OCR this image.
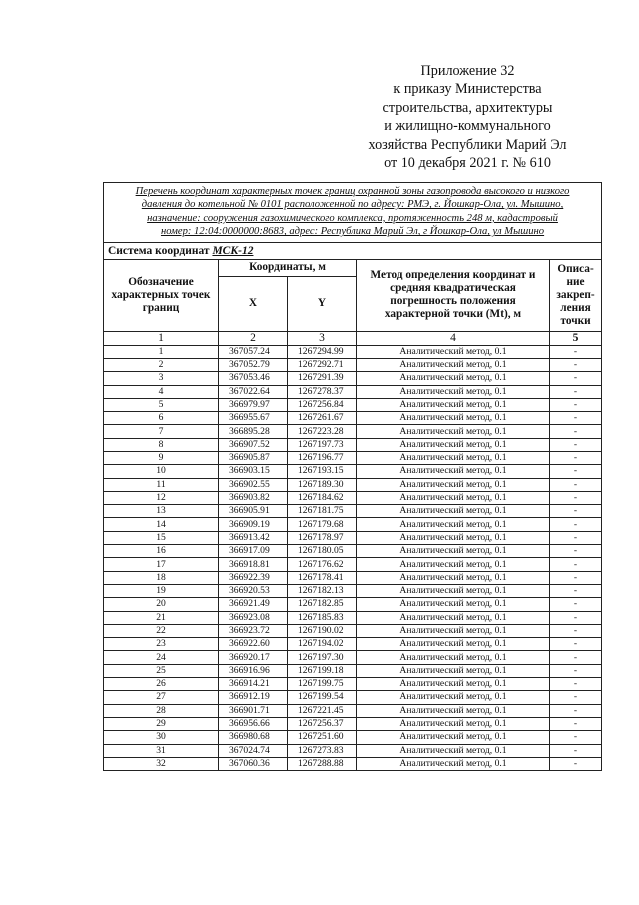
Приложение 32
к приказу Министерства
строительства, архитектуры
и жилищно-коммунального
хозяйства Республики Марий Эл
от 10 декабря 2021 г. № 610
Перечень координат характерных точек границ охранной зоны газопровода высокого и низкого
давления до котельной № 0101 расположенной по адресу: РМЭ, г. Йошкар-Ола, ул. Мышино,
назначение: сооружения газохимического комплекса, протяженность 248 м, кадастровый
номер: 12:04:0000000:8683, адрес: Республика Марий Эл, г Йошкар-Ола, ул Мышино				

Система координат МСК-12				
Обозначение характерных точек границ	Координаты, м		Метод определения координат и средняя квадратическая погрешность положения характерной точки (Mt), м	Описа-ние закреп-ления точки
	X	Y		
1	2	3	4	5
1	367057.24	1267294.99	Аналитический метод, 0.1	-
2	367052.79	1267292.71	Аналитический метод, 0.1	-
3	367053.46	1267291.39	Аналитический метод, 0.1	-
4	367022.64	1267278.37	Аналитический метод, 0.1	-
5	366979.97	1267256.84	Аналитический метод, 0.1	-
6	366955.67	1267261.67	Аналитический метод, 0.1	-
7	366895.28	1267223.28	Аналитический метод, 0.1	-
8	366907.52	1267197.73	Аналитический метод, 0.1	-
9	366905.87	1267196.77	Аналитический метод, 0.1	-
10	366903.15	1267193.15	Аналитический метод, 0.1	-
11	366902.55	1267189.30	Аналитический метод, 0.1	-
12	366903.82	1267184.62	Аналитический метод, 0.1	-
13	366905.91	1267181.75	Аналитический метод, 0.1	-
14	366909.19	1267179.68	Аналитический метод, 0.1	-
15	366913.42	1267178.97	Аналитический метод, 0.1	-
16	366917.09	1267180.05	Аналитический метод, 0.1	-
17	366918.81	1267176.62	Аналитический метод, 0.1	-
18	366922.39	1267178.41	Аналитический метод, 0.1	-
19	366920.53	1267182.13	Аналитический метод, 0.1	-
20	366921.49	1267182.85	Аналитический метод, 0.1	-
21	366923.08	1267185.83	Аналитический метод, 0.1	-
22	366923.72	1267190.02	Аналитический метод, 0.1	-
23	366922.60	1267194.02	Аналитический метод, 0.1	-
24	366920.17	1267197.30	Аналитический метод, 0.1	-
25	366916.96	1267199.18	Аналитический метод, 0.1	-
26	366914.21	1267199.75	Аналитический метод, 0.1	-
27	366912.19	1267199.54	Аналитический метод, 0.1	-
28	366901.71	1267221.45	Аналитический метод, 0.1	-
29	366956.66	1267256.37	Аналитический метод, 0.1	-
30	366980.68	1267251.60	Аналитический метод, 0.1	-
31	367024.74	1267273.83	Аналитический метод, 0.1	-
32	367060.36	1267288.88	Аналитический метод, 0.1	-
